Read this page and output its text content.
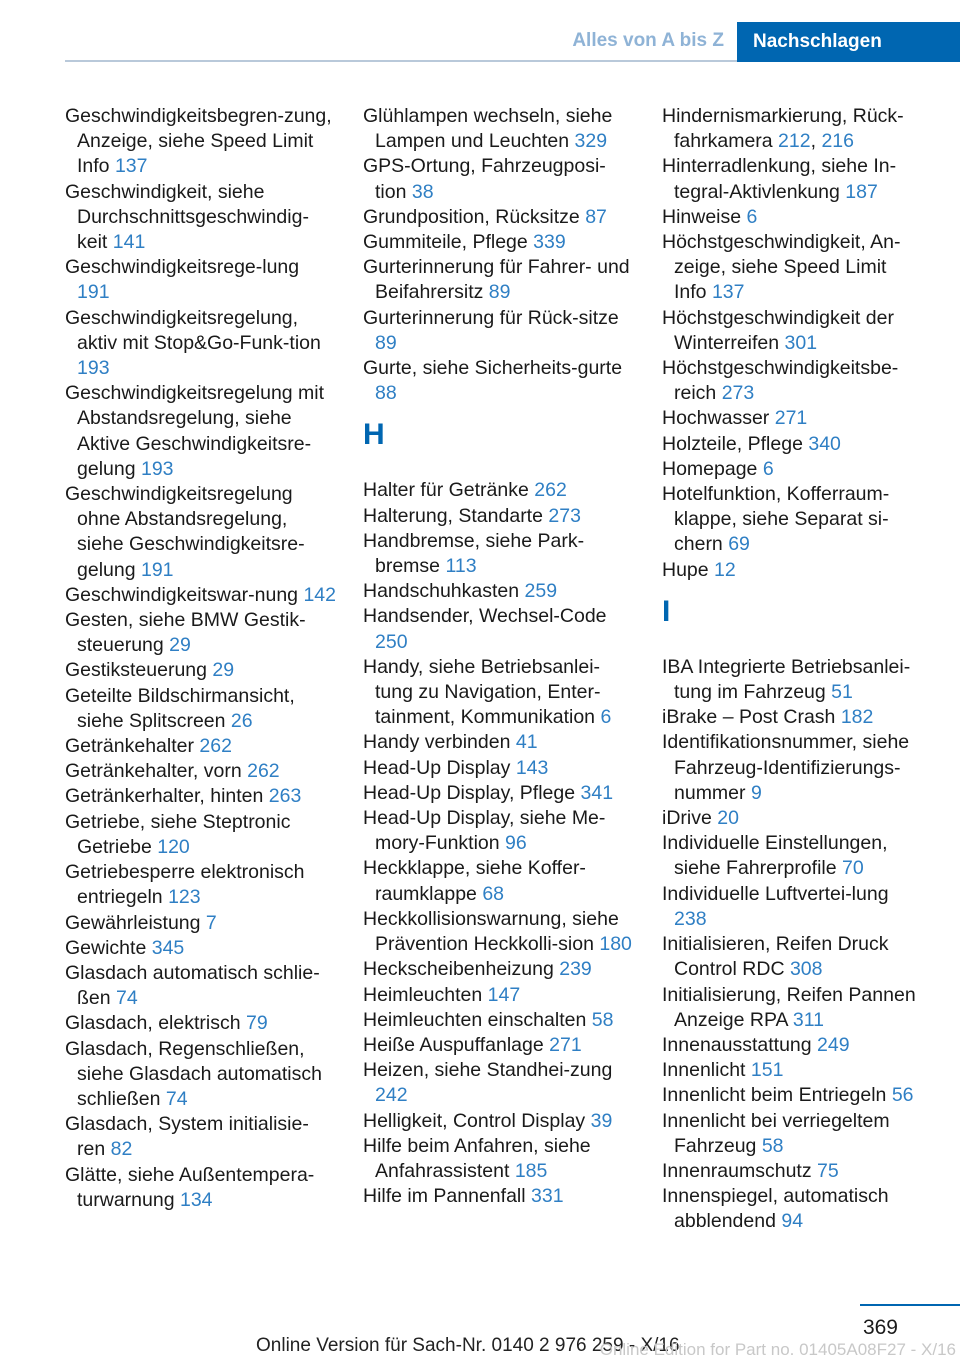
Alles von A bis Z	Nachschlagen

Geschwindigkeitsbegren‐zung, Anzeige, siehe Speed Limit Info 137

Geschwindigkeit, siehe Durchschnittsgeschwindig‐keit 141

Geschwindigkeitsrege‐lung 191

Geschwindigkeitsregelung, aktiv mit Stop&Go-Funk‐tion 193

Geschwindigkeitsregelung mit Abstandsregelung, siehe Aktive Geschwindigkeitsre‐gelung 193

Geschwindigkeitsregelung ohne Abstandsregelung, siehe Geschwindigkeitsre‐gelung 191

Geschwindigkeitswar‐nung 142

Gesten, siehe BMW Gestik‐steuerung 29

Gestiksteuerung 29

Geteilte Bildschirmansicht, siehe Splitscreen 26

Getränkehalter 262

Getränkehalter, vorn 262

Getränkerhalter, hinten 263

Getriebe, siehe Steptronic Getriebe 120

Getriebesperre elektronisch entriegeln 123

Gewährleistung 7

Gewichte 345

Glasdach automatisch schlie‐ßen 74

Glasdach, elektrisch 79

Glasdach, Regenschließen, siehe Glasdach automatisch schließen 74

Glasdach, System initialisie‐ren 82

Glätte, siehe Außentempera‐turwarnung 134

Glühlampen wechseln, siehe Lampen und Leuchten 329

GPS-Ortung, Fahrzeugposi‐tion 38

Grundposition, Rücksitze 87

Gummiteile, Pflege 339

Gurterinnerung für Fahrer- und Beifahrersitz 89

Gurterinnerung für Rück‐sitze 89

Gurte, siehe Sicherheits‐gurte 88

H

Halter für Getränke 262

Halterung, Standarte 273

Handbremse, siehe Park‐bremse 113

Handschuhkasten 259

Handsender, Wechsel-Code 250

Handy, siehe Betriebsanlei‐tung zu Navigation, Enter‐tainment, Kommunikation 6

Handy verbinden 41

Head-Up Display 143

Head-Up Display, Pflege 341

Head-Up Display, siehe Me‐mory-Funktion 96

Heckklappe, siehe Koffer‐raumklappe 68

Heckkollisionswarnung, siehe Prävention Heckkolli‐sion 180

Heckscheibenheizung 239

Heimleuchten 147

Heimleuchten einschalten 58

Heiße Auspuffanlage 271

Heizen, siehe Standhei‐zung 242

Helligkeit, Control Display 39

Hilfe beim Anfahren, siehe Anfahrassistent 185

Hilfe im Pannenfall 331

Hindernismarkierung, Rück‐fahrkamera 212, 216

Hinterradlenkung, siehe In‐tegral-Aktivlenkung 187

Hinweise 6

Höchstgeschwindigkeit, An‐zeige, siehe Speed Limit Info 137

Höchstgeschwindigkeit der Winterreifen 301

Höchstgeschwindigkeitsbe‐reich 273

Hochwasser 271

Holzteile, Pflege 340

Homepage 6

Hotelfunktion, Kofferraum‐klappe, siehe Separat si‐chern 69

Hupe 12

I

IBA Integrierte Betriebsanlei‐tung im Fahrzeug 51

iBrake – Post Crash 182

Identifikationsnummer, siehe Fahrzeug-Identifizierungs‐nummer 9

iDrive 20

Individuelle Einstellungen, siehe Fahrerprofile 70

Individuelle Luftvertei‐lung 238

Initialisieren, Reifen Druck Control RDC 308

Initialisierung, Reifen Pannen Anzeige RPA 311

Innenausstattung 249

Innenlicht 151

Innenlicht beim Entriegeln 56

Innenlicht bei verriegeltem Fahrzeug 58

Innenraumschutz 75

Innenspiegel, automatisch abblendend 94

369
Online Version für Sach-Nr. 0140 2 976 259 - X/16
Online Edition for Part no. 01405A08F27 - X/16
